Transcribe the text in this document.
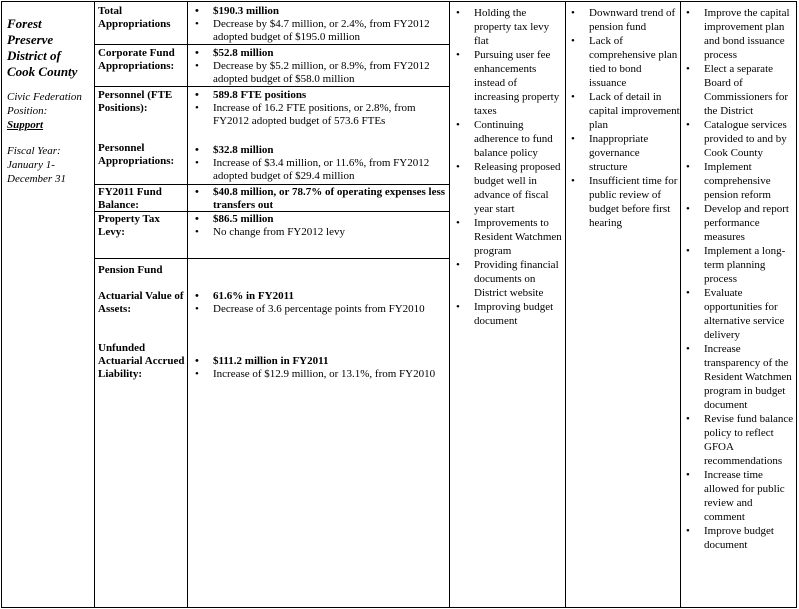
Forest Preserve District of Cook County
Civic Federation Position:
Support
Fiscal Year:
January 1- December 31
Total Appropriations
• $190.3 million
• Decrease by $4.7 million, or 2.4%, from FY2012 adopted budget of $195.0 million
Corporate Fund Appropriations:
• $52.8 million
• Decrease by $5.2 million, or 8.9%, from FY2012 adopted budget of $58.0 million
Personnel (FTE Positions):
• 589.8 FTE positions
• Increase of 16.2 FTE positions, or 2.8%, from FY2012 adopted budget of 573.6 FTEs
Personnel Appropriations:
• $32.8 million
• Increase of $3.4 million, or 11.6%, from FY2012 adopted budget of $29.4 million
FY2011 Fund Balance:
• $40.8 million, or 78.7% of operating expenses less transfers out
Property Tax Levy:
• $86.5 million
• No change from FY2012 levy
Pension Fund
Actuarial Value of Assets:
• 61.6% in FY2011
• Decrease of 3.6 percentage points from FY2010
Unfunded Actuarial Accrued Liability:
• $111.2 million in FY2011
• Increase of $12.9 million, or 13.1%, from FY2010
• Holding the property tax levy flat
• Pursuing user fee enhancements instead of increasing property taxes
• Continuing adherence to fund balance policy
• Releasing proposed budget well in advance of fiscal year start
• Improvements to Resident Watchmen program
• Providing financial documents on District website
• Improving budget document
• Downward trend of pension fund
• Lack of comprehensive plan tied to bond issuance
• Lack of detail in capital improvement plan
• Inappropriate governance structure
• Insufficient time for public review of budget before first hearing
• Improve the capital improvement plan and bond issuance process
• Elect a separate Board of Commissioners for the District
• Catalogue services provided to and by Cook County
• Implement comprehensive pension reform
• Develop and report performance measures
• Implement a long-term planning process
• Evaluate opportunities for alternative service delivery
• Increase transparency of the Resident Watchmen program in budget document
• Revise fund balance policy to reflect GFOA recommendations
• Increase time allowed for public review and comment
• Improve budget document
